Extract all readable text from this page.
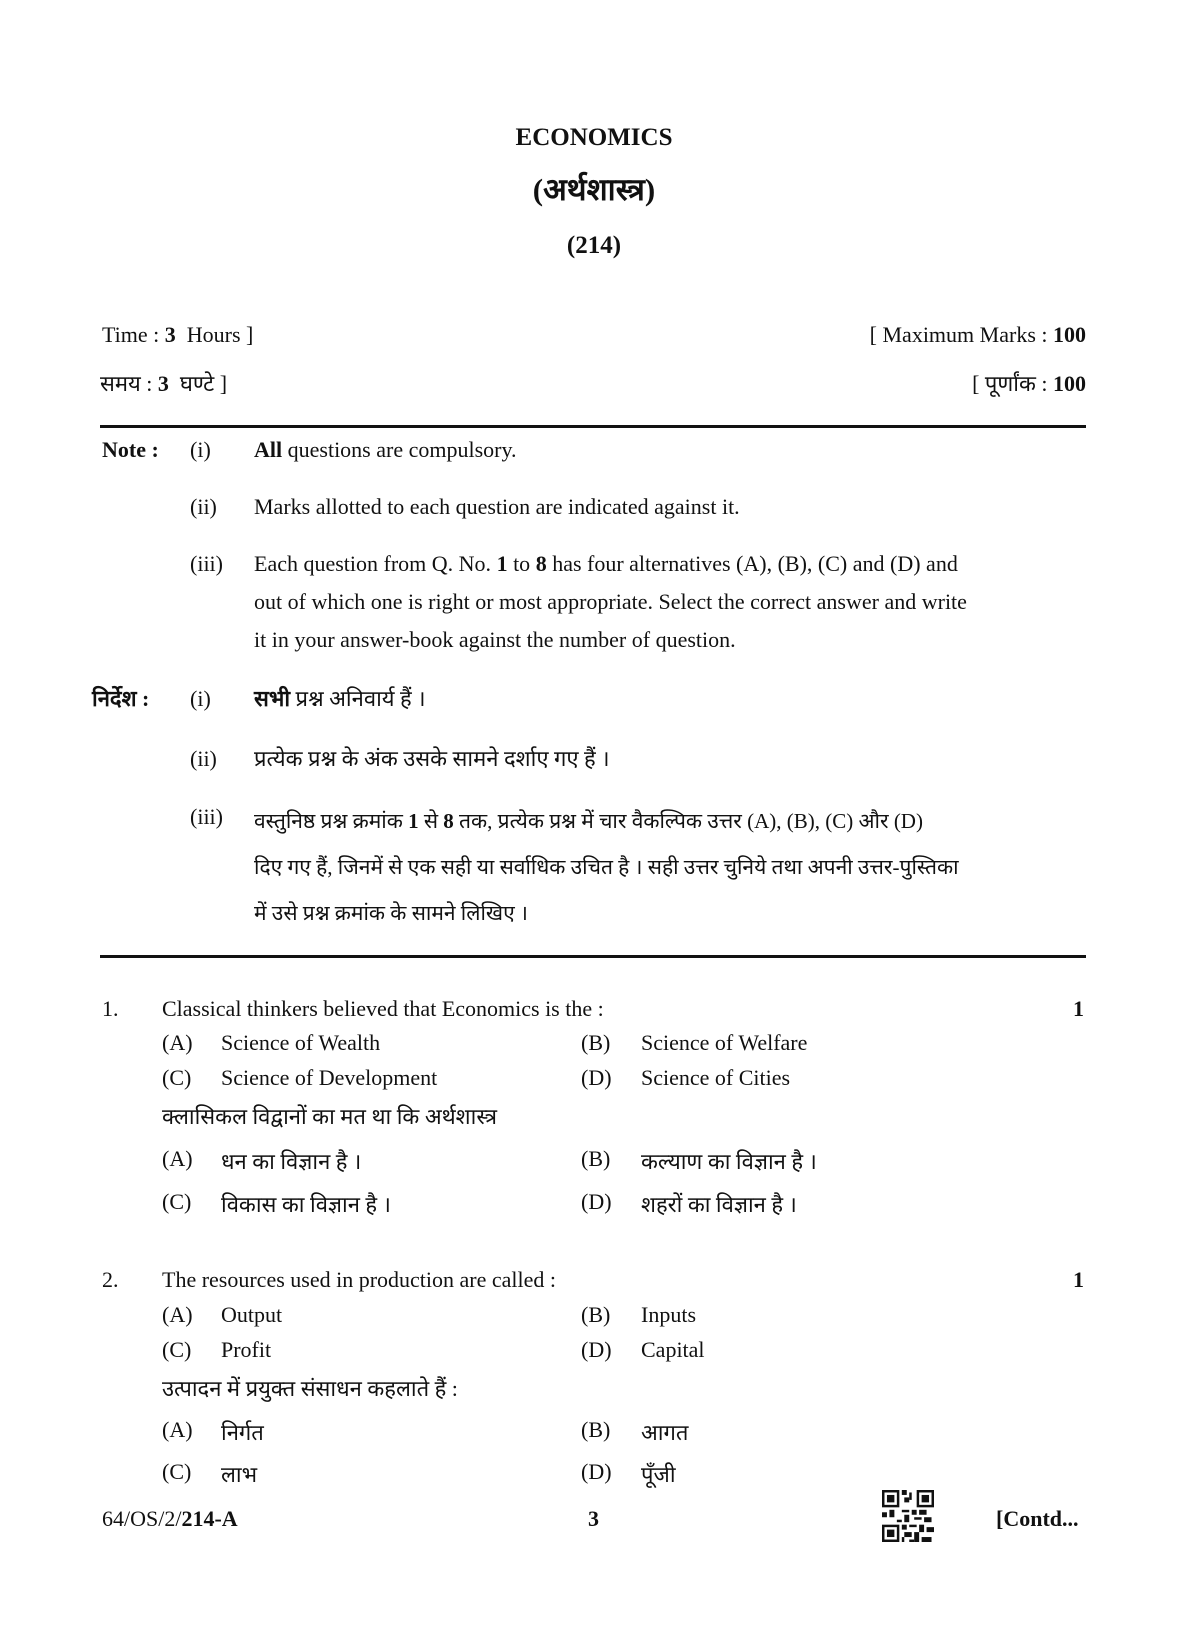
ECONOMICS
(अर्थशास्त्र)
(214)
Time : 3 Hours ]	[ Maximum Marks : 100
समय : 3 घण्टे ]	[ पूर्णांक : 100
Note : (i) All questions are compulsory.
(ii) Marks allotted to each question are indicated against it.
(iii) Each question from Q. No. 1 to 8 has four alternatives (A), (B), (C) and (D) and
out of which one is right or most appropriate. Select the correct answer and write
it in your answer-book against the number of question.
निर्देश : (i) सभी प्रश्न अनिवार्य हैं ।
(ii) प्रत्येक प्रश्न के अंक उसके सामने दर्शाए गए हैं ।
(iii) वस्तुनिष्ठ प्रश्न क्रमांक 1 से 8 तक, प्रत्येक प्रश्न में चार वैकल्पिक उत्तर (A), (B), (C) और (D)
दिए गए हैं, जिनमें से एक सही या सर्वाधिक उचित है । सही उत्तर चुनिये तथा अपनी उत्तर-पुस्तिका
में उसे प्रश्न क्रमांक के सामने लिखिए ।
1. Classical thinkers believed that Economics is the :	1
(A) Science of Wealth	(B) Science of Welfare
(C) Science of Development	(D) Science of Cities
क्लासिकल विद्वानों का मत था कि अर्थशास्त्र
(A) धन का विज्ञान है ।	(B) कल्याण का विज्ञान है ।
(C) विकास का विज्ञान है ।	(D) शहरों का विज्ञान है ।
2. The resources used in production are called :	1
(A) Output	(B) Inputs
(C) Profit	(D) Capital
उत्पादन में प्रयुक्त संसाधन कहलाते हैं :
(A) निर्गत	(B) आगत
(C) लाभ	(D) पूँजी
64/OS/2/214-A	3	[Contd...
